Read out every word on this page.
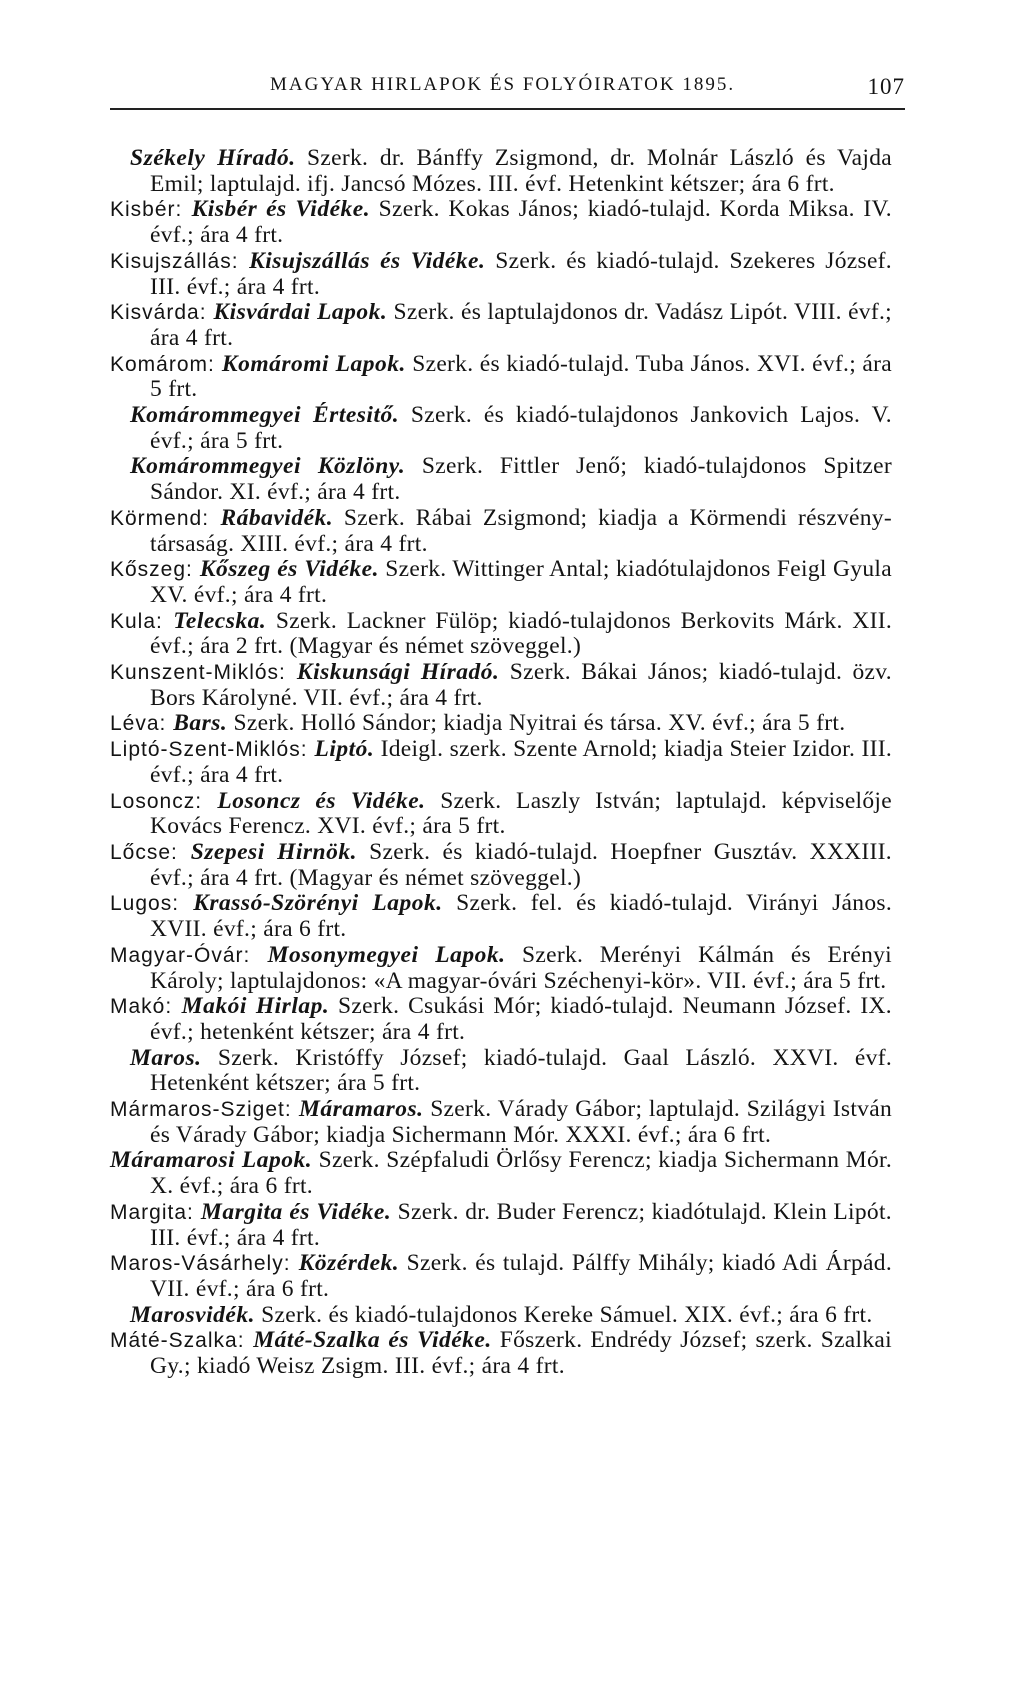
MAGYAR HIRLAPOK ÉS FOLYÓIRATOK 1895.	107

Székely Híradó. Szerk. dr. Bánffy Zsigmond, dr. Molnár László és Vajda Emil; laptulajd. ifj. Jancsó Mózes. III. évf. Hetenkint kétszer; ára 6 frt.

Kisbér: Kisbér és Vidéke. Szerk. Kokas János; kiadó-tulajd. Korda Miksa. IV. évf.; ára 4 frt.

Kisujszállás: Kisujszállás és Vidéke. Szerk. és kiadó-tulajd. Szekeres József. III. évf.; ára 4 frt.

Kisvárda: Kisvárdai Lapok. Szerk. és laptulajdonos dr. Vadász Lipót. VIII. évf.; ára 4 frt.

Komárom: Komáromi Lapok. Szerk. és kiadó-tulajd. Tuba János. XVI. évf.; ára 5 frt.

Komárommegyei Értesitő. Szerk. és kiadó-tulajdonos Jankovich Lajos. V. évf.; ára 5 frt.

Komárommegyei Közlöny. Szerk. Fittler Jenő; kiadó-tulajdonos Spitzer Sándor. XI. évf.; ára 4 frt.

Körmend: Rábavidék. Szerk. Rábai Zsigmond; kiadja a Körmendi részvény-társaság. XIII. évf.; ára 4 frt.

Kőszeg: Kőszeg és Vidéke. Szerk. Wittinger Antal; kiadótulajdonos Feigl Gyula XV. évf.; ára 4 frt.

Kula: Telecska. Szerk. Lackner Fülöp; kiadó-tulajdonos Berkovits Márk. XII. évf.; ára 2 frt. (Magyar és német szöveggel.)

Kunszent-Miklós: Kiskunsági Híradó. Szerk. Bákai János; kiadó-tulajd. özv. Bors Károlyné. VII. évf.; ára 4 frt.

Léva: Bars. Szerk. Holló Sándor; kiadja Nyitrai és társa. XV. évf.; ára 5 frt.

Liptó-Szent-Miklós: Liptó. Ideigl. szerk. Szente Arnold; kiadja Steier Izidor. III. évf.; ára 4 frt.

Losoncz: Losoncz és Vidéke. Szerk. Laszly István; laptulajd. képviselője Kovács Ferencz. XVI. évf.; ára 5 frt.

Lőcse: Szepesi Hirnök. Szerk. és kiadó-tulajd. Hoepfner Gusztáv. XXXIII. évf.; ára 4 frt. (Magyar és német szöveggel.)

Lugos: Krassó-Szörényi Lapok. Szerk. fel. és kiadó-tulajd. Virányi János. XVII. évf.; ára 6 frt.

Magyar-Óvár: Mosonymegyei Lapok. Szerk. Merényi Kálmán és Erényi Károly; laptulajdonos: «A magyar-óvári Széchenyi-kör». VII. évf.; ára 5 frt.

Makó: Makói Hirlap. Szerk. Csukási Mór; kiadó-tulajd. Neumann József. IX. évf.; hetenként kétszer; ára 4 frt.

Maros. Szerk. Kristóffy József; kiadó-tulajd. Gaal László. XXVI. évf. Hetenként kétszer; ára 5 frt.

Mármaros-Sziget: Máramaros. Szerk. Várady Gábor; laptulajd. Szilágyi István és Várady Gábor; kiadja Sichermann Mór. XXXI. évf.; ára 6 frt.

Máramarosi Lapok. Szerk. Szépfaludi Örlősy Ferencz; kiadja Sichermann Mór. X. évf.; ára 6 frt.

Margita: Margita és Vidéke. Szerk. dr. Buder Ferencz; kiadótulajd. Klein Lipót. III. évf.; ára 4 frt.

Maros-Vásárhely: Közérdek. Szerk. és tulajd. Pálffy Mihály; kiadó Adi Árpád. VII. évf.; ára 6 frt.

Marosvidék. Szerk. és kiadó-tulajdonos Kereke Sámuel. XIX. évf.; ára 6 frt.

Máté-Szalka: Máté-Szalka és Vidéke. Főszerk. Endrédy József; szerk. Szalkai Gy.; kiadó Weisz Zsigm. III. évf.; ára 4 frt.
